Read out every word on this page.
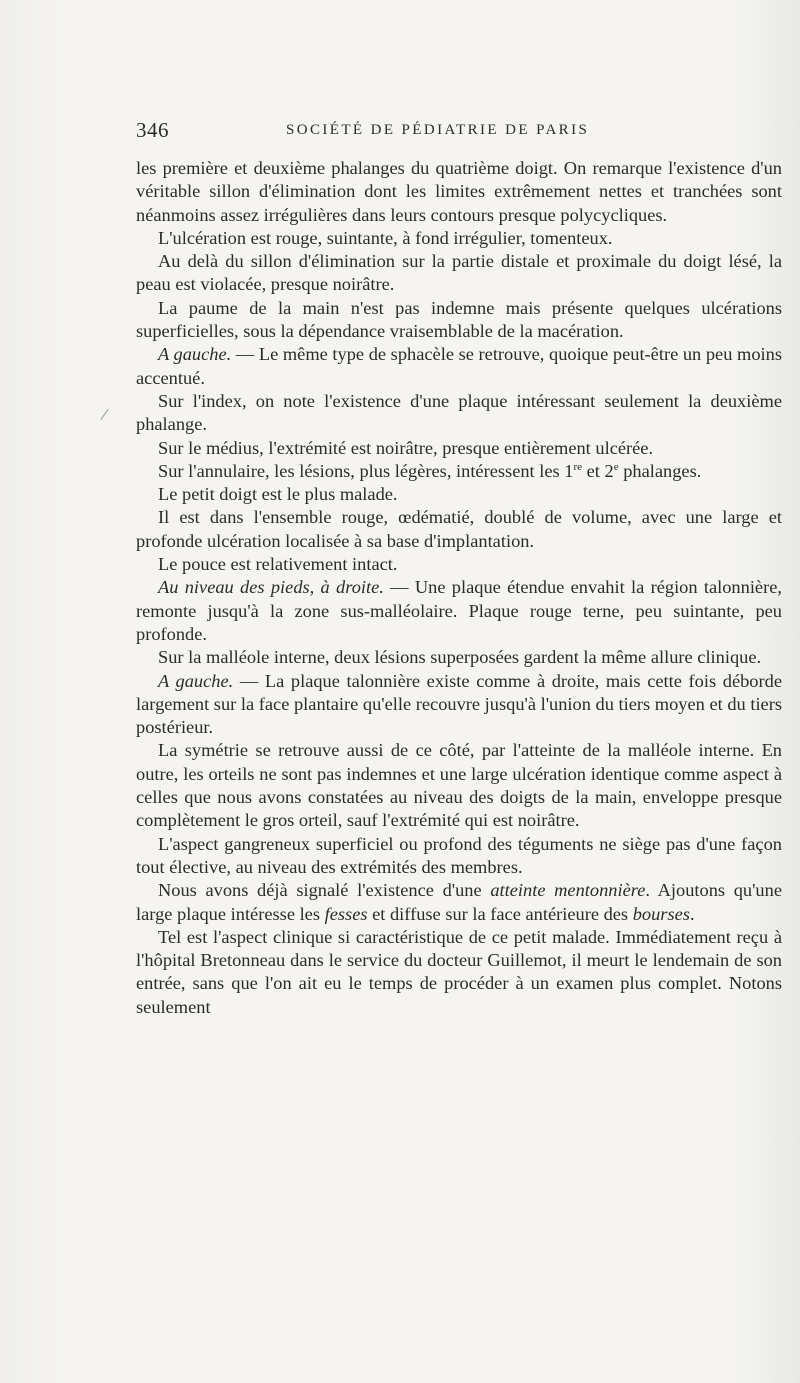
346	SOCIÉTÉ DE PÉDIATRIE DE PARIS

les première et deuxième phalanges du quatrième doigt. On remarque l'existence d'un véritable sillon d'élimination dont les limites extrêmement nettes et tranchées sont néanmoins assez irrégulières dans leurs contours presque polycycliques.

L'ulcération est rouge, suintante, à fond irrégulier, tomenteux.

Au delà du sillon d'élimination sur la partie distale et proximale du doigt lésé, la peau est violacée, presque noirâtre.

La paume de la main n'est pas indemne mais présente quelques ulcérations superficielles, sous la dépendance vraisemblable de la macération.

A gauche. — Le même type de sphacèle se retrouve, quoique peut-être un peu moins accentué.

Sur l'index, on note l'existence d'une plaque intéressant seulement la deuxième phalange.

Sur le médius, l'extrémité est noirâtre, presque entièrement ulcérée.

Sur l'annulaire, les lésions, plus légères, intéressent les 1re et 2e phalanges.

Le petit doigt est le plus malade.

Il est dans l'ensemble rouge, œdématié, doublé de volume, avec une large et profonde ulcération localisée à sa base d'implantation.

Le pouce est relativement intact.

Au niveau des pieds, à droite. — Une plaque étendue envahit la région talonnière, remonte jusqu'à la zone sus-malléolaire. Plaque rouge terne, peu suintante, peu profonde.

Sur la malléole interne, deux lésions superposées gardent la même allure clinique.

A gauche. — La plaque talonnière existe comme à droite, mais cette fois déborde largement sur la face plantaire qu'elle recouvre jusqu'à l'union du tiers moyen et du tiers postérieur.

La symétrie se retrouve aussi de ce côté, par l'atteinte de la malléole interne. En outre, les orteils ne sont pas indemnes et une large ulcération identique comme aspect à celles que nous avons constatées au niveau des doigts de la main, enveloppe presque complètement le gros orteil, sauf l'extrémité qui est noirâtre.

L'aspect gangreneux superficiel ou profond des téguments ne siège pas d'une façon tout élective, au niveau des extrémités des membres.

Nous avons déjà signalé l'existence d'une atteinte mentonnière. Ajoutons qu'une large plaque intéresse les fesses et diffuse sur la face antérieure des bourses.

Tel est l'aspect clinique si caractéristique de ce petit malade. Immédiatement reçu à l'hôpital Bretonneau dans le service du docteur Guillemot, il meurt le lendemain de son entrée, sans que l'on ait eu le temps de procéder à un examen plus complet. Notons seulement
